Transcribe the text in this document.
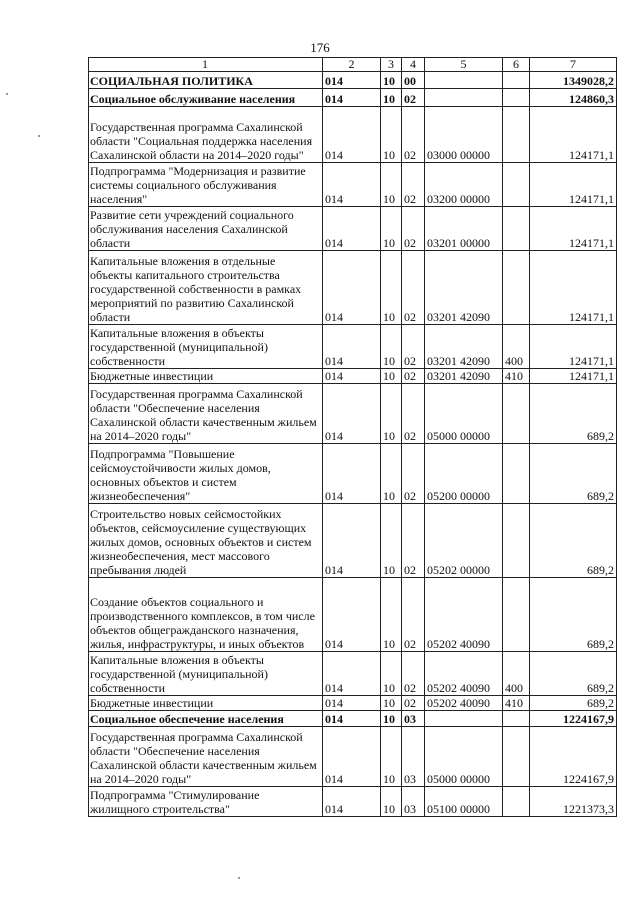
176
1	2	3	4	5	6	7
СОЦИАЛЬНАЯ ПОЛИТИКА	014	10	00			1349028,2
Социальное обслуживание населения	014	10	02			124860,3
Государственная программа Сахалинской области "Социальная поддержка населения Сахалинской области на 2014–2020 годы"	014	10	02	03000 00000		124171,1
Подпрограмма "Модернизация и развитие системы социального обслуживания населения"	014	10	02	03200 00000		124171,1
Развитие сети учреждений социального обслуживания населения Сахалинской области	014	10	02	03201 00000		124171,1
Капитальные вложения в отдельные объекты капитального строительства государственной собственности в рамках мероприятий по развитию Сахалинской области	014	10	02	03201 42090		124171,1
Капитальные вложения в объекты государственной (муниципальной) собственности	014	10	02	03201 42090	400	124171,1
Бюджетные инвестиции	014	10	02	03201 42090	410	124171,1
Государственная программа Сахалинской области "Обеспечение населения Сахалинской области качественным жильем на 2014–2020 годы"	014	10	02	05000 00000		689,2
Подпрограмма "Повышение сейсмоустойчивости жилых домов, основных объектов и систем жизнеобеспечения"	014	10	02	05200 00000		689,2
Строительство новых сейсмостойких объектов, сейсмоусиление существующих жилых домов, основных объектов и систем жизнеобеспечения, мест массового пребывания людей	014	10	02	05202 00000		689,2
Создание объектов социального и производственного комплексов, в том числе объектов общегражданского назначения, жилья, инфраструктуры, и иных объектов	014	10	02	05202 40090		689,2
Капитальные вложения в объекты государственной (муниципальной) собственности	014	10	02	05202 40090	400	689,2
Бюджетные инвестиции	014	10	02	05202 40090	410	689,2
Социальное обеспечение населения	014	10	03			1224167,9
Государственная программа Сахалинской области "Обеспечение населения Сахалинской области качественным жильем на 2014–2020 годы"	014	10	03	05000 00000		1224167,9
Подпрограмма "Стимулирование жилищного строительства"	014	10	03	05100 00000		1221373,3
